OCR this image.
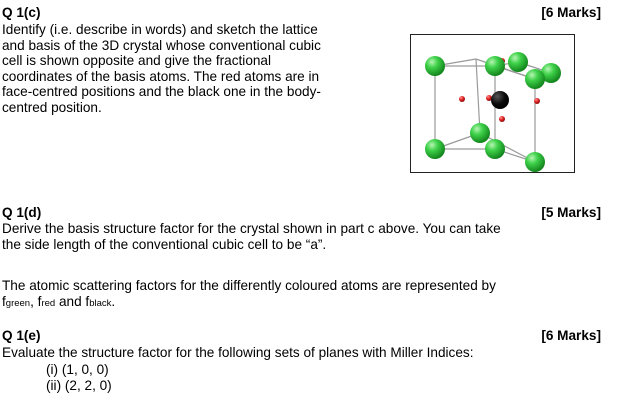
Q 1(c)	[6 Marks]
Identify (i.e. describe in words) and sketch the lattice
and basis of the 3D crystal whose conventional cubic
cell is shown opposite and give the fractional
coordinates of the basis atoms. The red atoms are in
face-centred positions and the black one in the body-
centred position.
Q 1(d)	[5 Marks]
Derive the basis structure factor for the crystal shown in part c above. You can take
the side length of the conventional cubic cell to be “a”.
The atomic scattering factors for the differently coloured atoms are represented by
fgreen, fred and fblack.
Q 1(e)	[6 Marks]
Evaluate the structure factor for the following sets of planes with Miller Indices:
(i) (1, 0, 0)
(ii) (2, 2, 0)
